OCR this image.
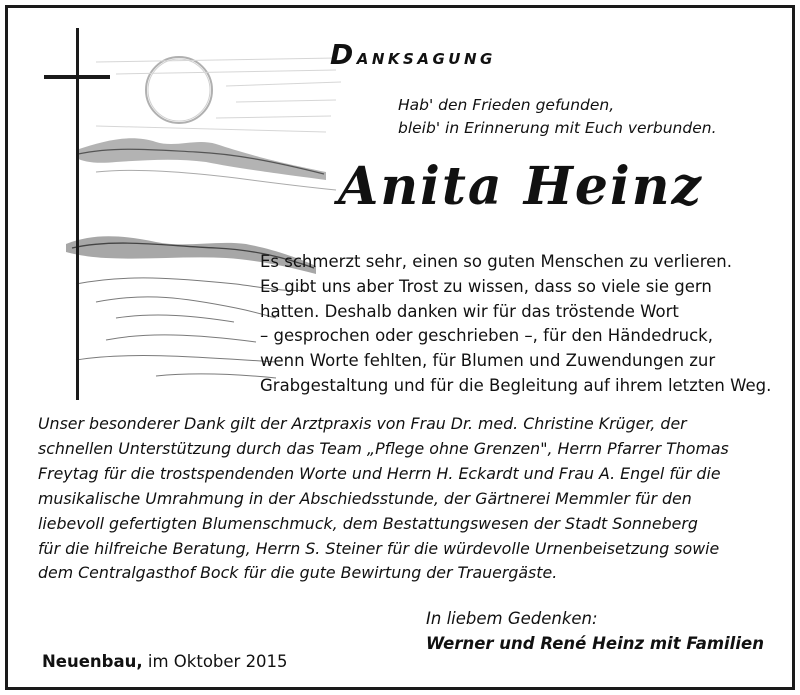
Danksagung
Hab' den Frieden gefunden,
bleib' in Erinnerung mit Euch verbunden.
Anita Heinz
Es schmerzt sehr, einen so guten Menschen zu verlieren.
Es gibt uns aber Trost zu wissen, dass so viele sie gern
hatten. Deshalb danken wir für das tröstende Wort
– gesprochen oder geschrieben –, für den Händedruck,
wenn Worte fehlten, für Blumen und Zuwendungen zur
Grabgestaltung und für die Begleitung auf ihrem letzten Weg.
Unser besonderer Dank gilt der Arztpraxis von Frau Dr. med. Christine Krüger, der
schnellen Unterstützung durch das Team „Pflege ohne Grenzen", Herrn Pfarrer Thomas
Freytag für die trostspendenden Worte und Herrn H. Eckardt und Frau A. Engel für die
musikalische Umrahmung in der Abschiedsstunde, der Gärtnerei Memmler für den
liebevoll gefertigten Blumenschmuck, dem Bestattungswesen der Stadt Sonneberg
für die hilfreiche Beratung, Herrn S. Steiner für die würdevolle Urnenbeisetzung sowie
dem Centralgasthof Bock für die gute Bewirtung der Trauergäste.
In liebem Gedenken:
Werner und René Heinz mit Familien
Neuenbau, im Oktober 2015
